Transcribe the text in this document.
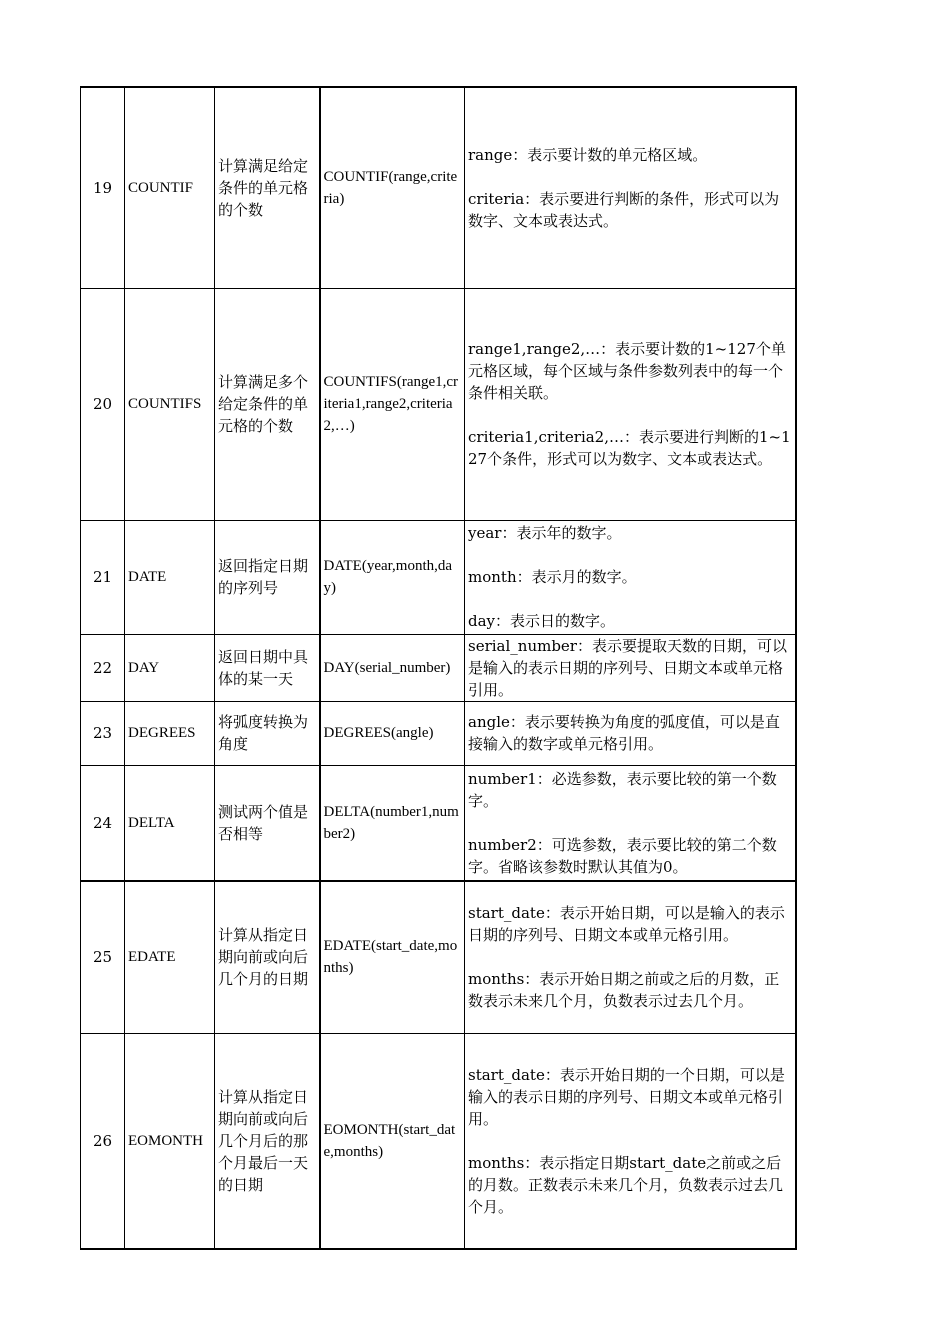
19	COUNTIF	计算满足给定条件的单元格的个数	COUNTIF(range,criteria)	range：表示要计数的单元格区域。
criteria：表示要进行判断的条件，形式可以为数字、文本或表达式。

20	COUNTIFS	计算满足多个给定条件的单元格的个数	COUNTIFS(range1,criteria1,range2,criteria2,…)	range1,range2,…：表示要计数的1~127个单元格区域，每个区域与条件参数列表中的每一个条件相关联。
criteria1,criteria2,…：表示要进行判断的1~127个条件，形式可以为数字、文本或表达式。

21	DATE	返回指定日期的序列号	DATE(year,month,day)	year：表示年的数字。
month：表示月的数字。
day：表示日的数字。

22	DAY	返回日期中具体的某一天	DAY(serial_number)	serial_number：表示要提取天数的日期，可以是输入的表示日期的序列号、日期文本或单元格引用。

23	DEGREES	将弧度转换为角度	DEGREES(angle)	angle：表示要转换为角度的弧度值，可以是直接输入的数字或单元格引用。

24	DELTA	测试两个值是否相等	DELTA(number1,number2)	number1：必选参数，表示要比较的第一个数字。
number2：可选参数，表示要比较的第二个数字。省略该参数时默认其值为0。

25	EDATE	计算从指定日期向前或向后几个月的日期	EDATE(start_date,months)	start_date：表示开始日期，可以是输入的表示日期的序列号、日期文本或单元格引用。
months：表示开始日期之前或之后的月数，正数表示未来几个月，负数表示过去几个月。

26	EOMONTH	计算从指定日期向前或向后几个月后的那个月最后一天的日期	EOMONTH(start_date,months)	start_date：表示开始日期的一个日期，可以是输入的表示日期的序列号、日期文本或单元格引用。
months：表示指定日期start_date之前或之后的月数。正数表示未来几个月，负数表示过去几个月。
